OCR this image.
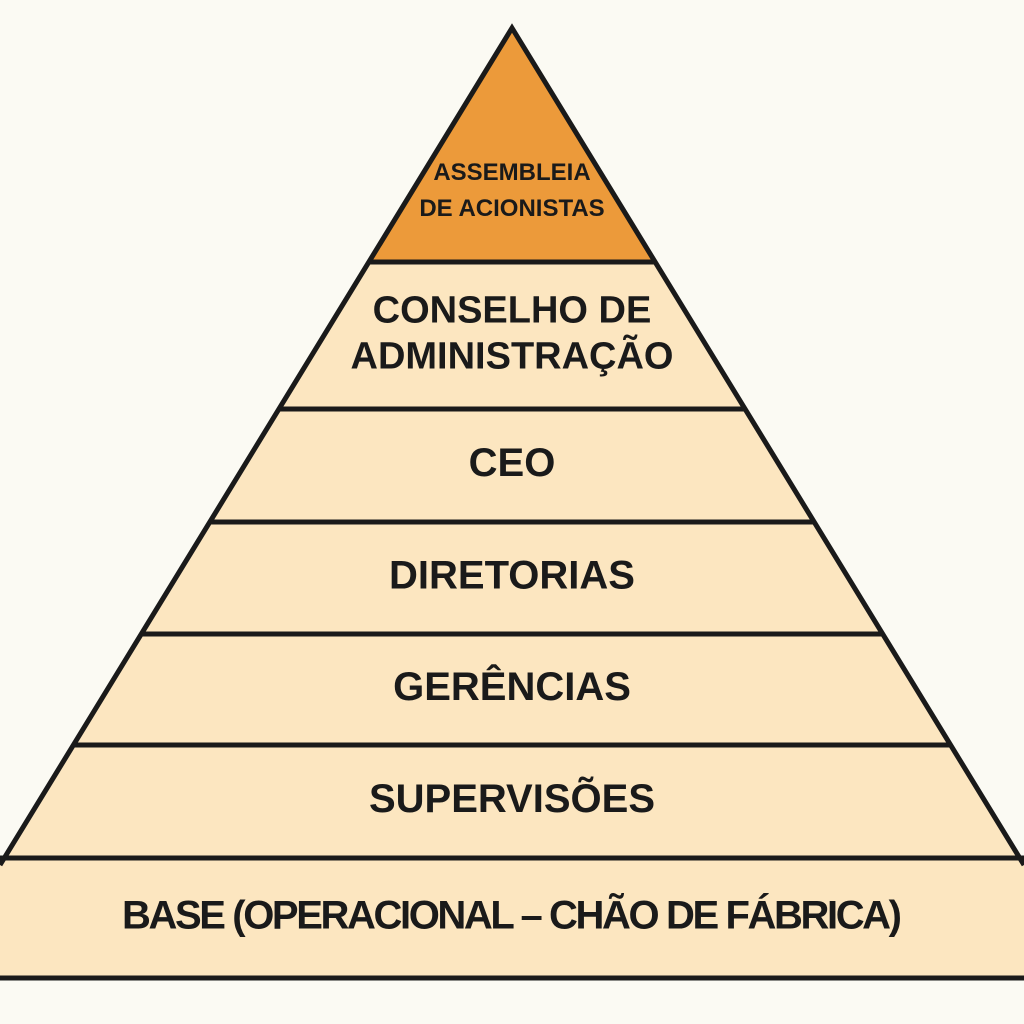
ASSEMBLEIA
DE ACIONISTAS
CONSELHO DE
ADMINISTRAÇÃO
CEO
DIRETORIAS
GERÊNCIAS
SUPERVISÕES
BASE (OPERACIONAL – CHÃO DE FÁBRICA)
